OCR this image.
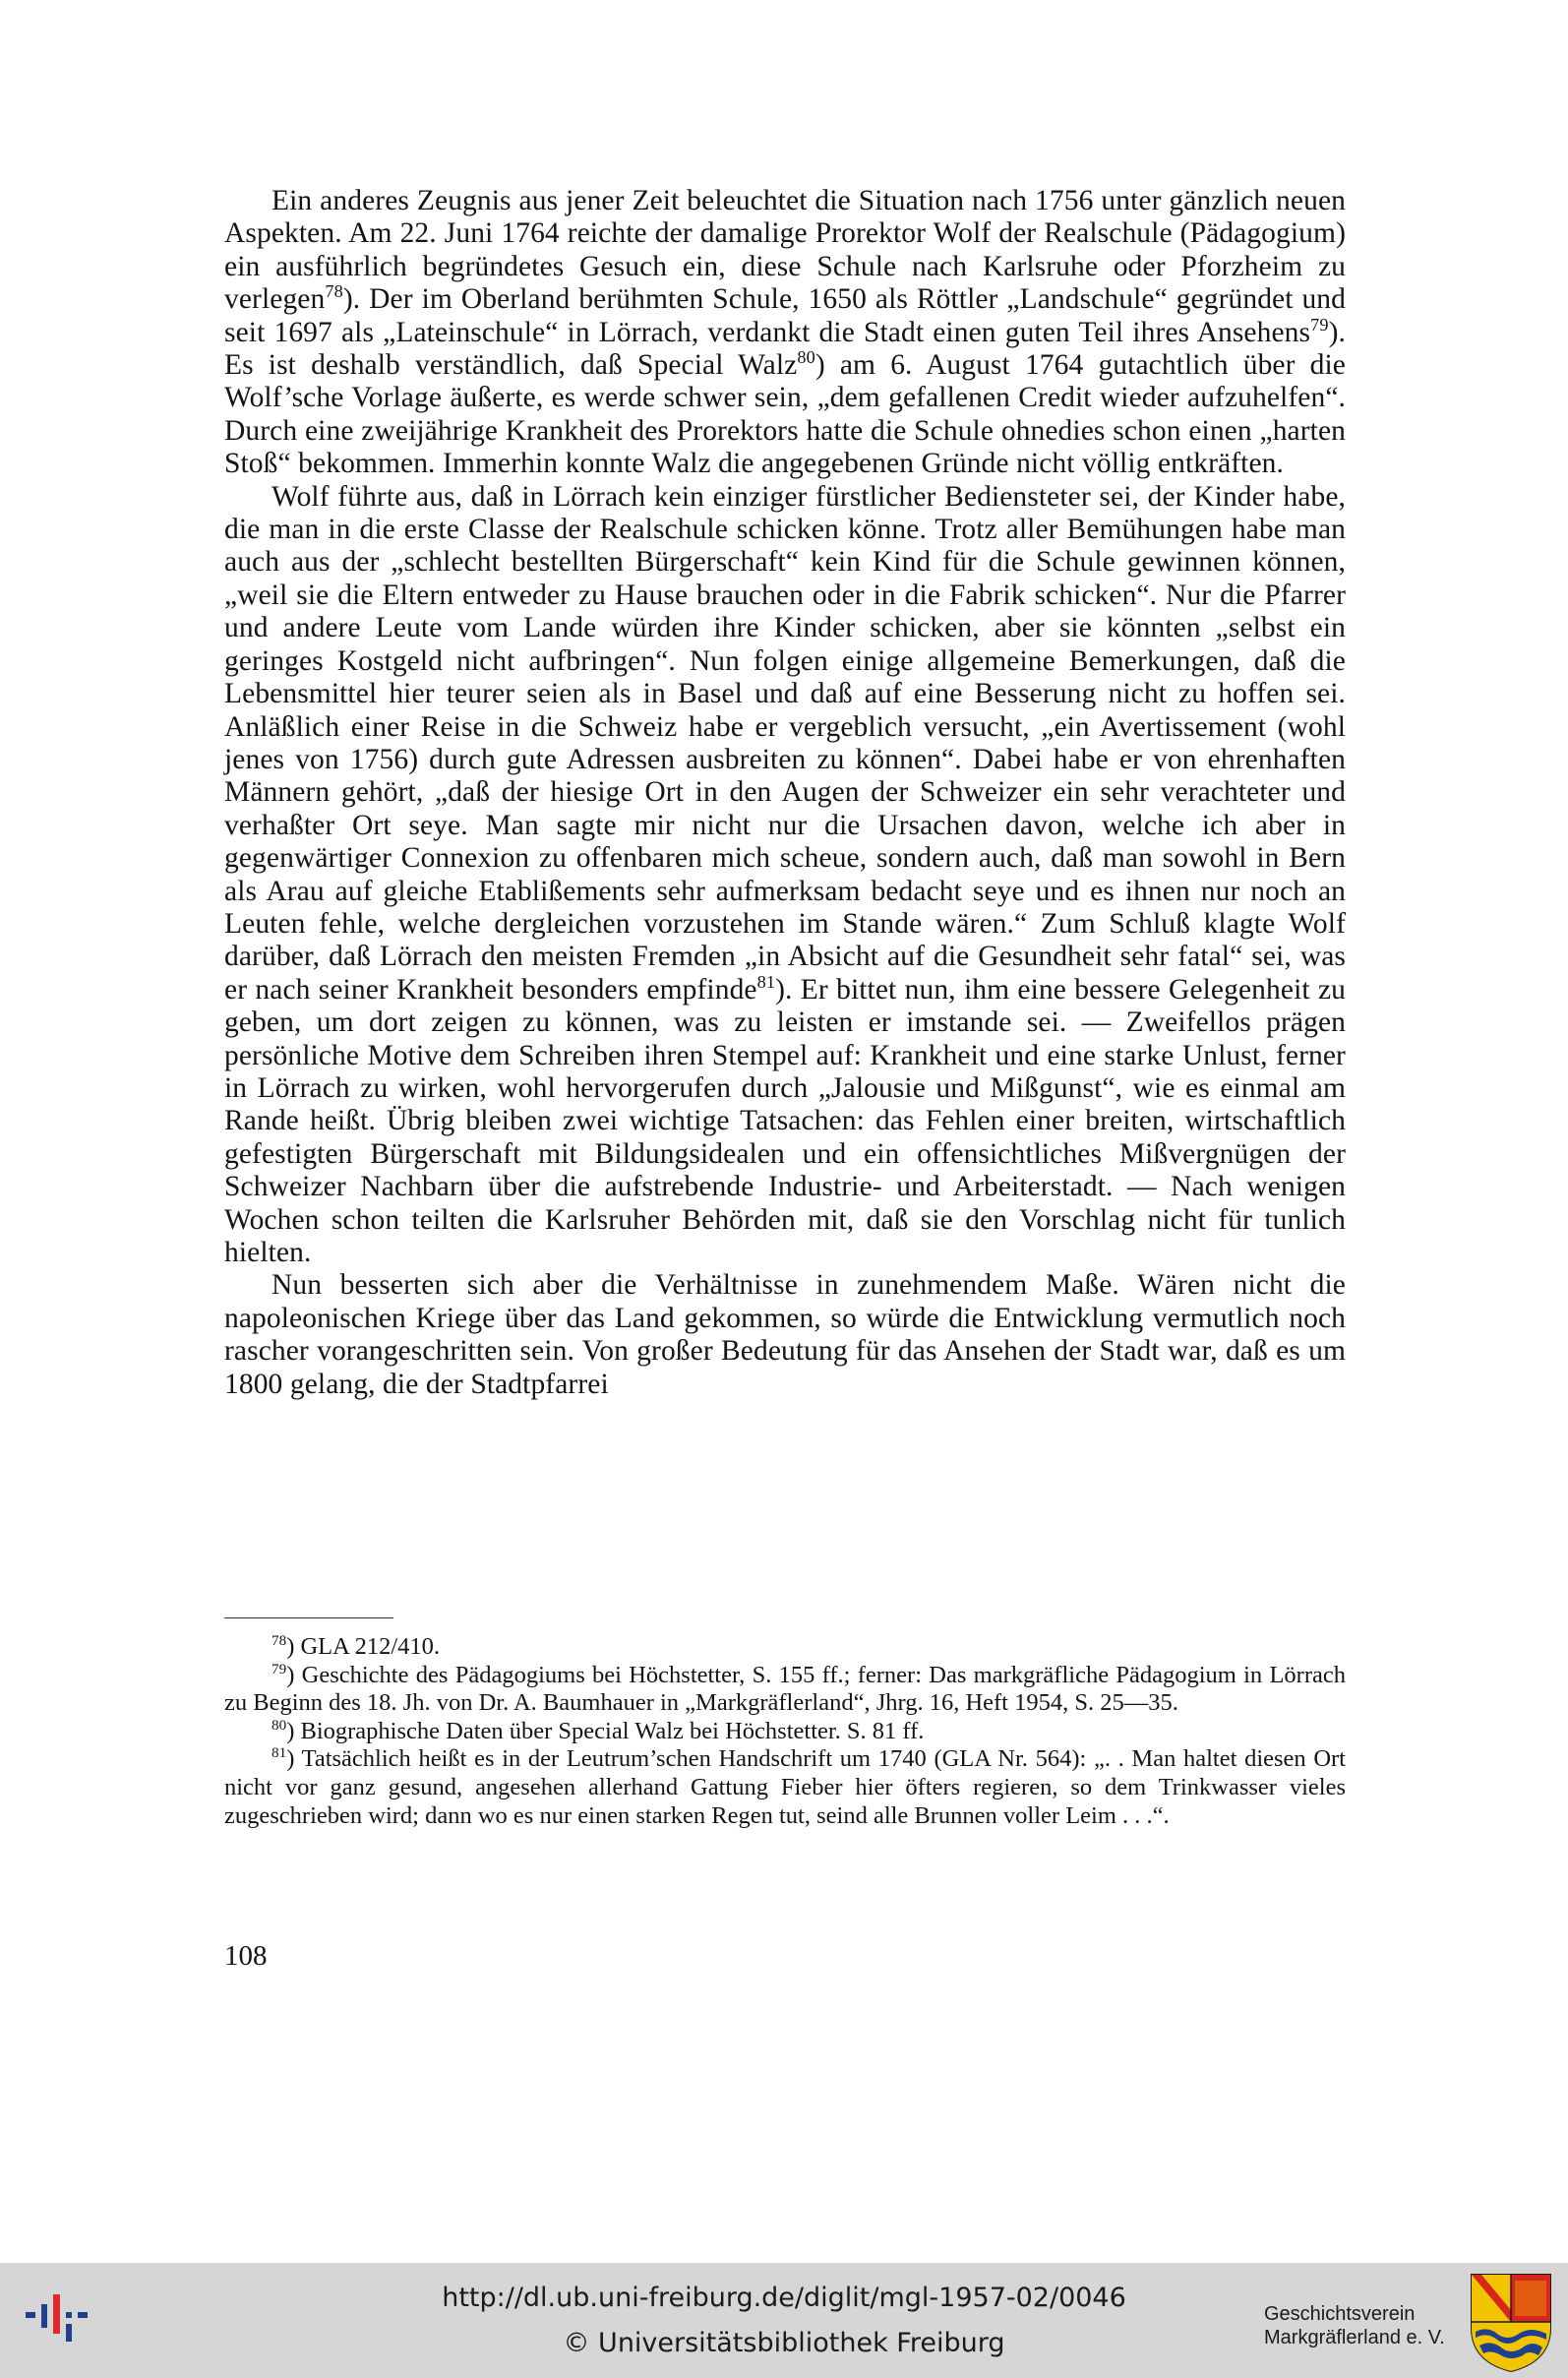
Ein anderes Zeugnis aus jener Zeit beleuchtet die Situation nach 1756 unter gänzlich neuen Aspekten. Am 22. Juni 1764 reichte der damalige Prorektor Wolf der Realschule (Pädagogium) ein ausführlich begründetes Gesuch ein, diese Schule nach Karlsruhe oder Pforzheim zu verlegen$^{78}$). Der im Oberland berühmten Schule, 1650 als Röttler „Landschule“ gegründet und seit 1697 als „Lateinschule“ in Lörrach, verdankt die Stadt einen guten Teil ihres Ansehens$^{79}$). Es ist deshalb verständlich, daß Special Walz$^{80}$) am 6. August 1764 gutachtlich über die Wolf’sche Vorlage äußerte, es werde schwer sein, „dem gefallenen Credit wieder aufzuhelfen“. Durch eine zweijährige Krankheit des Prorektors hatte die Schule ohnedies schon einen „harten Stoß“ bekommen. Immerhin konnte Walz die angegebenen Gründe nicht völlig entkräften.

Wolf führte aus, daß in Lörrach kein einziger fürstlicher Bediensteter sei, der Kinder habe, die man in die erste Classe der Realschule schicken könne. Trotz aller Bemühungen habe man auch aus der „schlecht bestellten Bürgerschaft“ kein Kind für die Schule gewinnen können, „weil sie die Eltern entweder zu Hause brauchen oder in die Fabrik schicken“. Nur die Pfarrer und andere Leute vom Lande würden ihre Kinder schicken, aber sie könnten „selbst ein geringes Kostgeld nicht aufbringen“. Nun folgen einige allgemeine Bemerkungen, daß die Lebensmittel hier teurer seien als in Basel und daß auf eine Besserung nicht zu hoffen sei. Anläßlich einer Reise in die Schweiz habe er vergeblich versucht, „ein Avertissement (wohl jenes von 1756) durch gute Adressen ausbreiten zu können“. Dabei habe er von ehrenhaften Männern gehört, „daß der hiesige Ort in den Augen der Schweizer ein sehr verachteter und verhaßter Ort seye. Man sagte mir nicht nur die Ursachen davon, welche ich aber in gegenwärtiger Connexion zu offenbaren mich scheue, sondern auch, daß man sowohl in Bern als Arau auf gleiche Etablißements sehr aufmerksam bedacht seye und es ihnen nur noch an Leuten fehle, welche dergleichen vorzustehen im Stande wären.“ Zum Schluß klagte Wolf darüber, daß Lörrach den meisten Fremden „in Absicht auf die Gesundheit sehr fatal“ sei, was er nach seiner Krankheit besonders empfinde$^{81}$). Er bittet nun, ihm eine bessere Gelegenheit zu geben, um dort zeigen zu können, was zu leisten er imstande sei. — Zweifellos prägen persönliche Motive dem Schreiben ihren Stempel auf: Krankheit und eine starke Unlust, ferner in Lörrach zu wirken, wohl hervorgerufen durch „Jalousie und Mißgunst“, wie es einmal am Rande heißt. Übrig bleiben zwei wichtige Tatsachen: das Fehlen einer breiten, wirtschaftlich gefestigten Bürgerschaft mit Bildungsidealen und ein offensichtliches Mißvergnügen der Schweizer Nachbarn über die aufstrebende Industrie- und Arbeiterstadt. — Nach wenigen Wochen schon teilten die Karlsruher Behörden mit, daß sie den Vorschlag nicht für tunlich hielten.

Nun besserten sich aber die Verhältnisse in zunehmendem Maße. Wären nicht die napoleonischen Kriege über das Land gekommen, so würde die Entwicklung vermutlich noch rascher vorangeschritten sein. Von großer Bedeutung für das Ansehen der Stadt war, daß es um 1800 gelang, die der Stadtpfarrei

$^{78}$) GLA 212/410.

$^{79}$) Geschichte des Pädagogiums bei Höchstetter, S. 155 ff.; ferner: Das markgräfliche Pädagogium in Lörrach zu Beginn des 18. Jh. von Dr. A. Baumhauer in „Markgräflerland“, Jhrg. 16, Heft 1954, S. 25—35.

$^{80}$) Biographische Daten über Special Walz bei Höchstetter. S. 81 ff.

$^{81}$) Tatsächlich heißt es in der Leutrum’schen Handschrift um 1740 (GLA Nr. 564): „. . Man haltet diesen Ort nicht vor ganz gesund, angesehen allerhand Gattung Fieber hier öfters regieren, so dem Trinkwasser vieles zugeschrieben wird; dann wo es nur einen starken Regen tut, seind alle Brunnen voller Leim . . .“.

108
http://dl.ub.uni-freiburg.de/diglit/mgl-1957-02/0046
© Universitätsbibliothek Freiburg
Geschichtsverein
Markgräflerland e. V.
